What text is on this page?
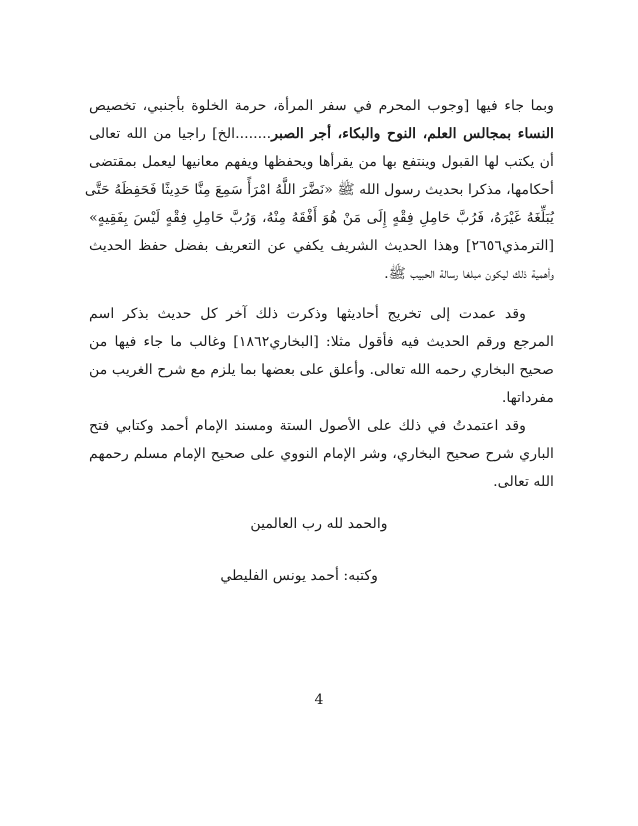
وبما جاء فيها [وجوب المحرم في سفر المرأة، حرمة الخلوة بأجنبي، تخصيص
النساء بمجالس العلم، النوح والبكاء، أجر الصبر........الخ] راجيا من الله تعالى
أن يكتب لها القبول وينتفع بها من يقرأها ويحفظها ويفهم معانيها ليعمل بمقتضى
أحكامها، مذكرا بحديث رسول الله ﷺ «نَضَّرَ اللَّهُ امْرَأً سَمِعَ مِنَّا حَدِيثًا فَحَفِظَهُ حَتَّى
يُبَلِّغَهُ غَيْرَهُ، فَرُبَّ حَامِلِ فِقْهٍ إِلَى مَنْ هُوَ أَفْقَهُ مِنْهُ، وَرُبَّ حَامِلِ فِقْهٍ لَيْسَ بِفَقِيهٍ»
[الترمذي٢٦٥٦] وهذا الحديث الشريف يكفي عن التعريف بفضل حفظ الحديث
وأهمية ذلك ليكون مبلغا رسالة الحبيب ﷺ.
وقد عمدت إلى تخريج أحاديثها وذكرت ذلك آخر كل حديث بذكر اسم
المرجع ورقم الحديث فيه فأقول مثلا: [البخاري١٨٦٢] وغالب ما جاء فيها من
صحيح البخاري رحمه الله تعالى. وأعلق على بعضها بما يلزم مع شرح الغريب من
مفرداتها.
وقد اعتمدتُ في ذلك على الأصول الستة ومسند الإمام أحمد وكتابي فتح
الباري شرح صحيح البخاري، وشر الإمام النووي على صحيح الإمام مسلم رحمهم
الله تعالى.
والحمد لله رب العالمين
وكتبه: أحمد يونس الفليطي
4
